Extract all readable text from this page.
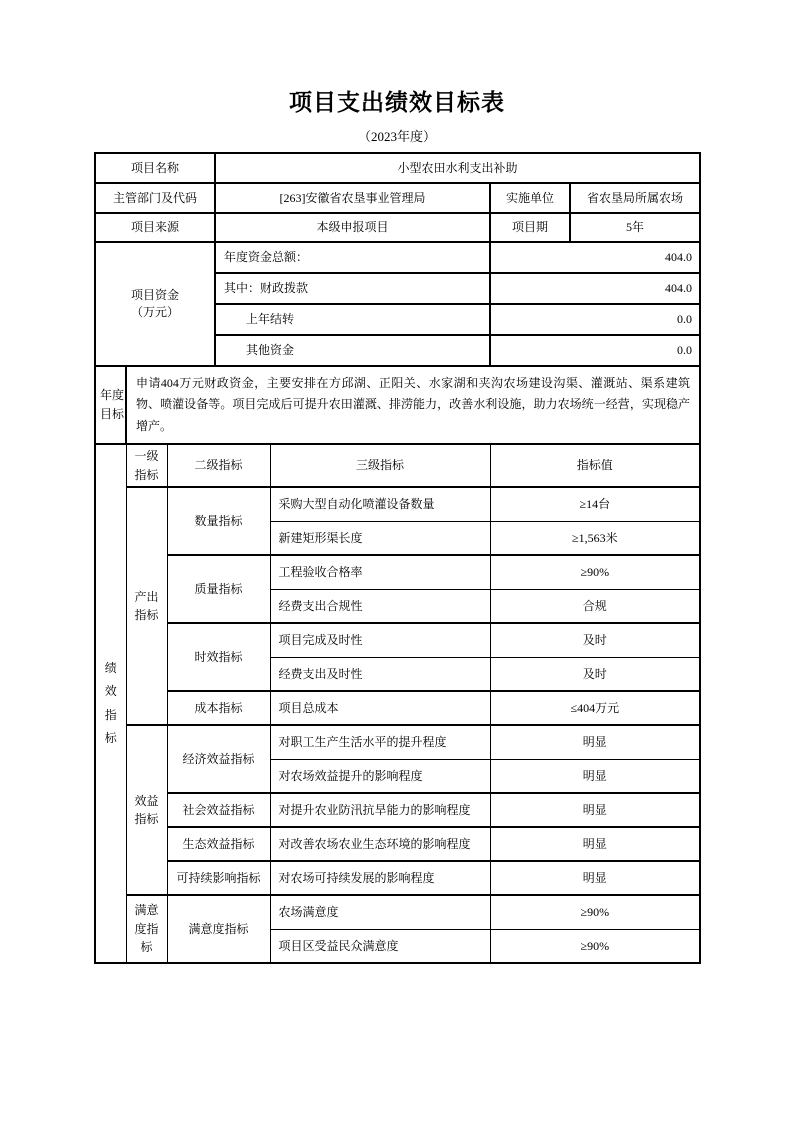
项目支出绩效目标表
（2023年度）
项目名称			小型农田水利支出补助			
主管部门及代码			[263]安徽省农垦事业管理局		实施单位	省农垦局所属农场
项目来源			本级申报项目		项目期	5年
项目资金
（万元）			年度资金总额：		404.0	
			其中：财政拨款		404.0	
			上年结转		0.0	
			其他资金		0.0	

年度目标	申请404万元财政资金，主要安排在方邱湖、正阳关、水家湖和夹沟农场建设沟渠、灌溉站、渠系建筑物、喷灌设备等。项目完成后可提升农田灌溉、排涝能力，改善水利设施，助力农场统一经营，实现稳产增产。					

绩效指标	一级指标	二级指标		三级指标	指标值	

	产出指标	数量指标		采购大型自动化喷灌设备数量	≥14台	
				新建矩形渠长度	≥1,563米	
		质量指标		工程验收合格率	≥90%	
				经费支出合规性	合规	
		时效指标		项目完成及时性	及时	
				经费支出及时性	及时	
		成本指标		项目总成本	≤404万元	

	效益指标	经济效益指标		对职工生产生活水平的提升程度	明显	
				对农场效益提升的影响程度	明显	
		社会效益指标		对提升农业防汛抗旱能力的影响程度	明显	
		生态效益指标		对改善农场农业生态环境的影响程度	明显	
		可持续影响指标		对农场可持续发展的影响程度	明显	

	满意度指标	满意度指标		农场满意度	≥90%	
				项目区受益民众满意度	≥90%	
